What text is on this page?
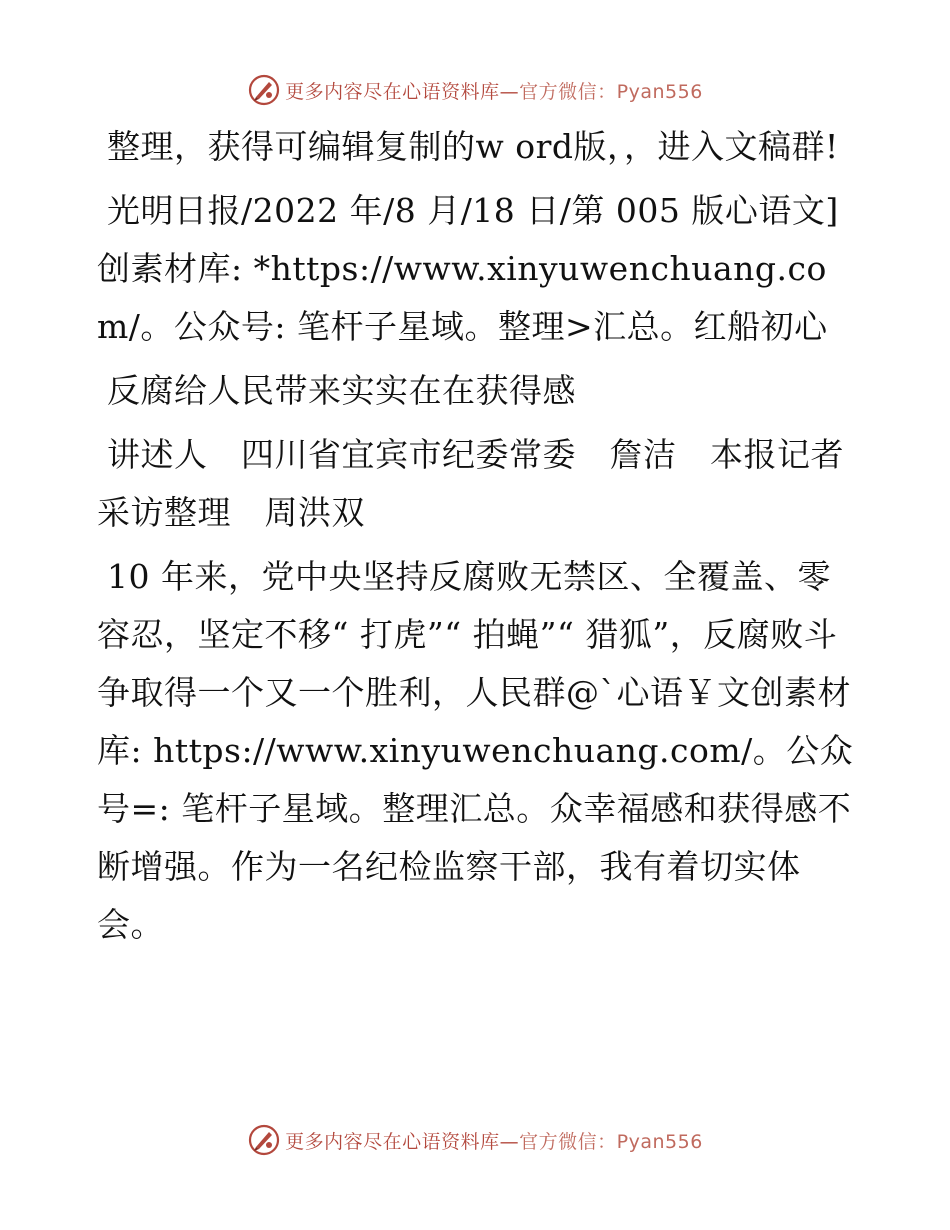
更多内容尽在心语资料库— 官方微信：Pyan556

整理，获得可编辑复制的w ord版，，进入文稿群!

光明日报/2022 年/8 月/18 日/第 005 版心语文]创素材库: *https://www.xinyuwenchuang.com/。公众号: 笔杆子星域。整理>汇总。红船初心

反腐给人民带来实实在在获得感

讲述人　四川省宜宾市纪委常委　詹洁　本报记者　采访整理　周洪双

10 年来，党中央坚持反腐败无禁区、全覆盖、零容忍，坚定不移“ 打虎”“ 拍蝇”“ 猎狐”，反腐败斗争取得一个又一个胜利，人民群@`心语￥文创素材库: https://www.xinyuwenchuang.com/。公众号=: 笔杆子星域。整理汇总。众幸福感和获得感不断增强。作为一名纪检监察干部，我有着切实体会。

更多内容尽在心语资料库— 官方微信：Pyan556
